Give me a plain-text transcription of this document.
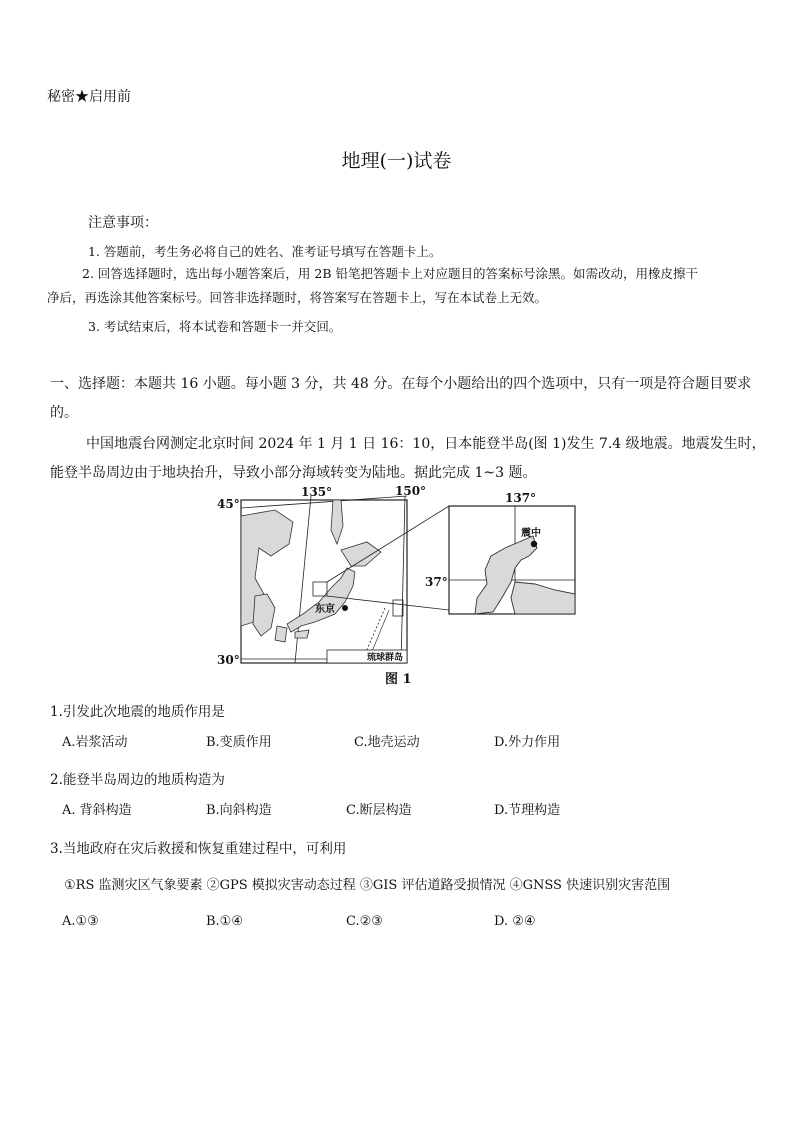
秘密★启用前
地理(一)试卷
注意事项：
1. 答题前，考生务必将自己的姓名、准考证号填写在答题卡上。
2. 回答选择题时，选出每小题答案后，用 2B 铅笔把答题卡上对应题目的答案标号涂黑。如需改动，用橡皮擦干
净后，再选涂其他答案标号。回答非选择题时，将答案写在答题卡上，写在本试卷上无效。
3. 考试结束后，将本试卷和答题卡一并交回。
一、选择题：本题共 16 小题。每小题 3 分，共 48 分。在每个小题给出的四个选项中，只有一项是符合题目要求
的。
中国地震台网测定北京时间 2024 年 1 月 1 日 16：10，日本能登半岛(图 1)发生 7.4 级地震。地震发生时，
能登半岛周边由于地块抬升，导致小部分海域转变为陆地。据此完成 1~3 题。
45°
30°
135°	150°	137°
37°
东京
琉球群岛
震中
图 1
1.引发此次地震的地质作用是
A.岩浆活动	B.变质作用	C.地壳运动	D.外力作用
2.能登半岛周边的地质构造为
A. 背斜构造	B.向斜构造	C.断层构造	D.节理构造
3.当地政府在灾后救援和恢复重建过程中，可利用
①RS 监测灾区气象要素 ②GPS 模拟灾害动态过程 ③GIS 评估道路受损情况 ④GNSS 快速识别灾害范围
A.①③	B.①④	C.②③	D. ②④
